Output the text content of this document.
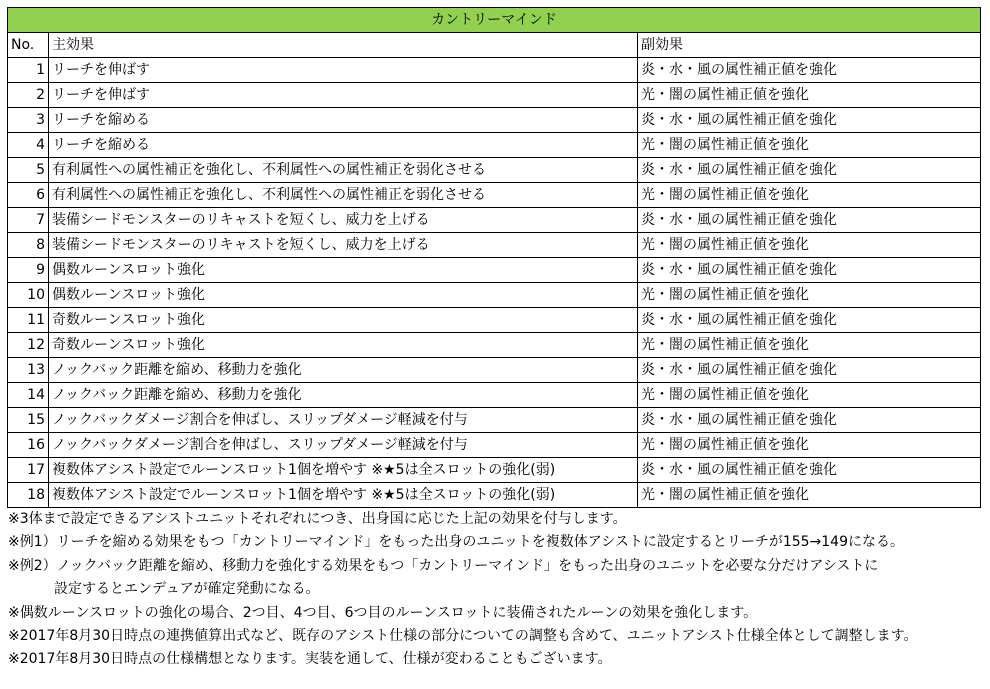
カントリーマインド		
No.	主効果	副効果
1	リーチを伸ばす	炎・水・風の属性補正値を強化
2	リーチを伸ばす	光・闇の属性補正値を強化
3	リーチを縮める	炎・水・風の属性補正値を強化
4	リーチを縮める	光・闇の属性補正値を強化
5	有利属性への属性補正を強化し、不利属性への属性補正を弱化させる	炎・水・風の属性補正値を強化
6	有利属性への属性補正を強化し、不利属性への属性補正を弱化させる	光・闇の属性補正値を強化
7	装備シードモンスターのリキャストを短くし、威力を上げる	炎・水・風の属性補正値を強化
8	装備シードモンスターのリキャストを短くし、威力を上げる	光・闇の属性補正値を強化
9	偶数ルーンスロット強化	炎・水・風の属性補正値を強化
10	偶数ルーンスロット強化	光・闇の属性補正値を強化
11	奇数ルーンスロット強化	炎・水・風の属性補正値を強化
12	奇数ルーンスロット強化	光・闇の属性補正値を強化
13	ノックバック距離を縮め、移動力を強化	炎・水・風の属性補正値を強化
14	ノックバック距離を縮め、移動力を強化	光・闇の属性補正値を強化
15	ノックバックダメージ割合を伸ばし、スリップダメージ軽減を付与	炎・水・風の属性補正値を強化
16	ノックバックダメージ割合を伸ばし、スリップダメージ軽減を付与	光・闇の属性補正値を強化
17	複数体アシスト設定でルーンスロット1個を増やす ※★5は全スロットの強化(弱)	炎・水・風の属性補正値を強化
18	複数体アシスト設定でルーンスロット1個を増やす ※★5は全スロットの強化(弱)	光・闇の属性補正値を強化
※3体まで設定できるアシストユニットそれぞれにつき、出身国に応じた上記の効果を付与します。
※例1）リーチを縮める効果をもつ「カントリーマインド」をもった出身のユニットを複数体アシストに設定するとリーチが155→149になる。
※例2）ノックバック距離を縮め、移動力を強化する効果をもつ「カントリーマインド」をもった出身のユニットを必要な分だけアシストに
設定するとエンデュアが確定発動になる。
※偶数ルーンスロットの強化の場合、2つ目、4つ目、6つ目のルーンスロットに装備されたルーンの効果を強化します。
※2017年8月30日時点の連携値算出式など、既存のアシスト仕様の部分についての調整も含めて、ユニットアシスト仕様全体として調整します。
※2017年8月30日時点の仕様構想となります。実装を通して、仕様が変わることもございます。
